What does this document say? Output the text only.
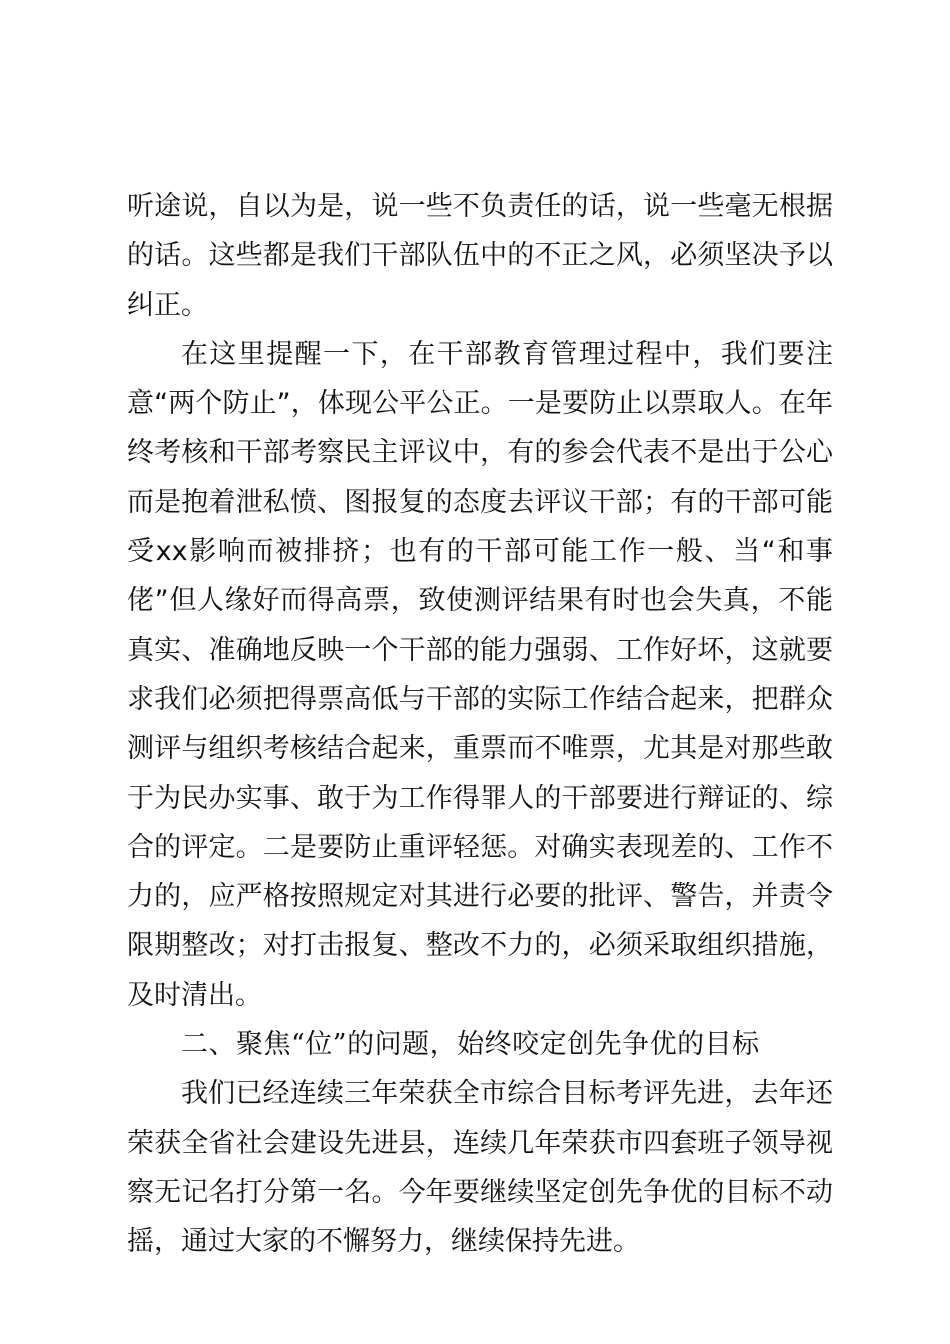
听途说，自以为是，说一些不负责任的话，说一些毫无根据的话。这些都是我们干部队伍中的不正之风，必须坚决予以纠正。

在这里提醒一下，在干部教育管理过程中，我们要注意“两个防止”，体现公平公正。一是要防止以票取人。在年终考核和干部考察民主评议中，有的参会代表不是出于公心而是抱着泄私愤、图报复的态度去评议干部；有的干部可能受xx影响而被排挤；也有的干部可能工作一般、当“和事佬”但人缘好而得高票，致使测评结果有时也会失真，不能真实、准确地反映一个干部的能力强弱、工作好坏，这就要求我们必须把得票高低与干部的实际工作结合起来，把群众测评与组织考核结合起来，重票而不唯票，尤其是对那些敢于为民办实事、敢于为工作得罪人的干部要进行辩证的、综合的评定。二是要防止重评轻惩。对确实表现差的、工作不力的，应严格按照规定对其进行必要的批评、警告，并责令限期整改；对打击报复、整改不力的，必须采取组织措施，及时清出。

二、聚焦“位”的问题，始终咬定创先争优的目标

我们已经连续三年荣获全市综合目标考评先进，去年还荣获全省社会建设先进县，连续几年荣获市四套班子领导视察无记名打分第一名。今年要继续坚定创先争优的目标不动摇，通过大家的不懈努力，继续保持先进。
